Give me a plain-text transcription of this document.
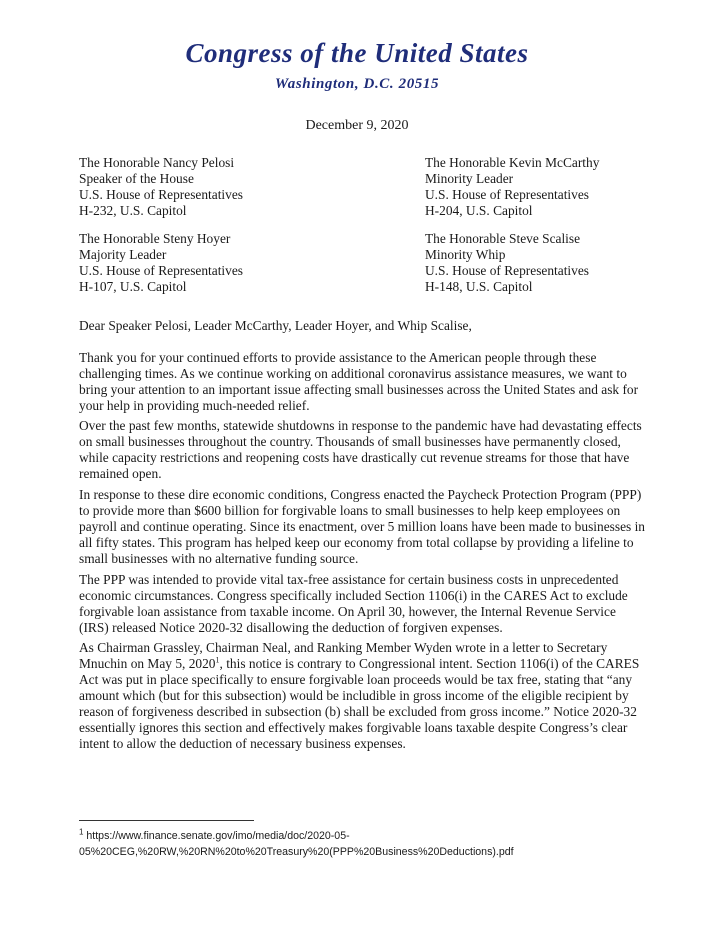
Congress of the United States
Washington, D.C. 20515
December 9, 2020
The Honorable Nancy Pelosi
Speaker of the House
U.S. House of Representatives
H-232, U.S. Capitol
The Honorable Kevin McCarthy
Minority Leader
U.S. House of Representatives
H-204, U.S. Capitol
The Honorable Steny Hoyer
Majority Leader
U.S. House of Representatives
H-107, U.S. Capitol
The Honorable Steve Scalise
Minority Whip
U.S. House of Representatives
H-148, U.S. Capitol
Dear Speaker Pelosi, Leader McCarthy, Leader Hoyer, and Whip Scalise,
Thank you for your continued efforts to provide assistance to the American people through these
challenging times. As we continue working on additional coronavirus assistance measures, we want to
bring your attention to an important issue affecting small businesses across the United States and ask for
your help in providing much-needed relief.
Over the past few months, statewide shutdowns in response to the pandemic have had devastating effects
on small businesses throughout the country. Thousands of small businesses have permanently closed,
while capacity restrictions and reopening costs have drastically cut revenue streams for those that have
remained open.
In response to these dire economic conditions, Congress enacted the Paycheck Protection Program (PPP)
to provide more than $600 billion for forgivable loans to small businesses to help keep employees on
payroll and continue operating. Since its enactment, over 5 million loans have been made to businesses in
all fifty states. This program has helped keep our economy from total collapse by providing a lifeline to
small businesses with no alternative funding source.
The PPP was intended to provide vital tax-free assistance for certain business costs in unprecedented
economic circumstances. Congress specifically included Section 1106(i) in the CARES Act to exclude
forgivable loan assistance from taxable income. On April 30, however, the Internal Revenue Service
(IRS) released Notice 2020-32 disallowing the deduction of forgiven expenses.
As Chairman Grassley, Chairman Neal, and Ranking Member Wyden wrote in a letter to Secretary
Mnuchin on May 5, 2020$^1$, this notice is contrary to Congressional intent. Section 1106(i) of the CARES
Act was put in place specifically to ensure forgivable loan proceeds would be tax free, stating that “any
amount which (but for this subsection) would be includible in gross income of the eligible recipient by
reason of forgiveness described in subsection (b) shall be excluded from gross income.” Notice 2020-32
essentially ignores this section and effectively makes forgivable loans taxable despite Congress’s clear
intent to allow the deduction of necessary business expenses.
$^1$ https://www.finance.senate.gov/imo/media/doc/2020-05-
05%20CEG,%20RW,%20RN%20to%20Treasury%20(PPP%20Business%20Deductions).pdf
